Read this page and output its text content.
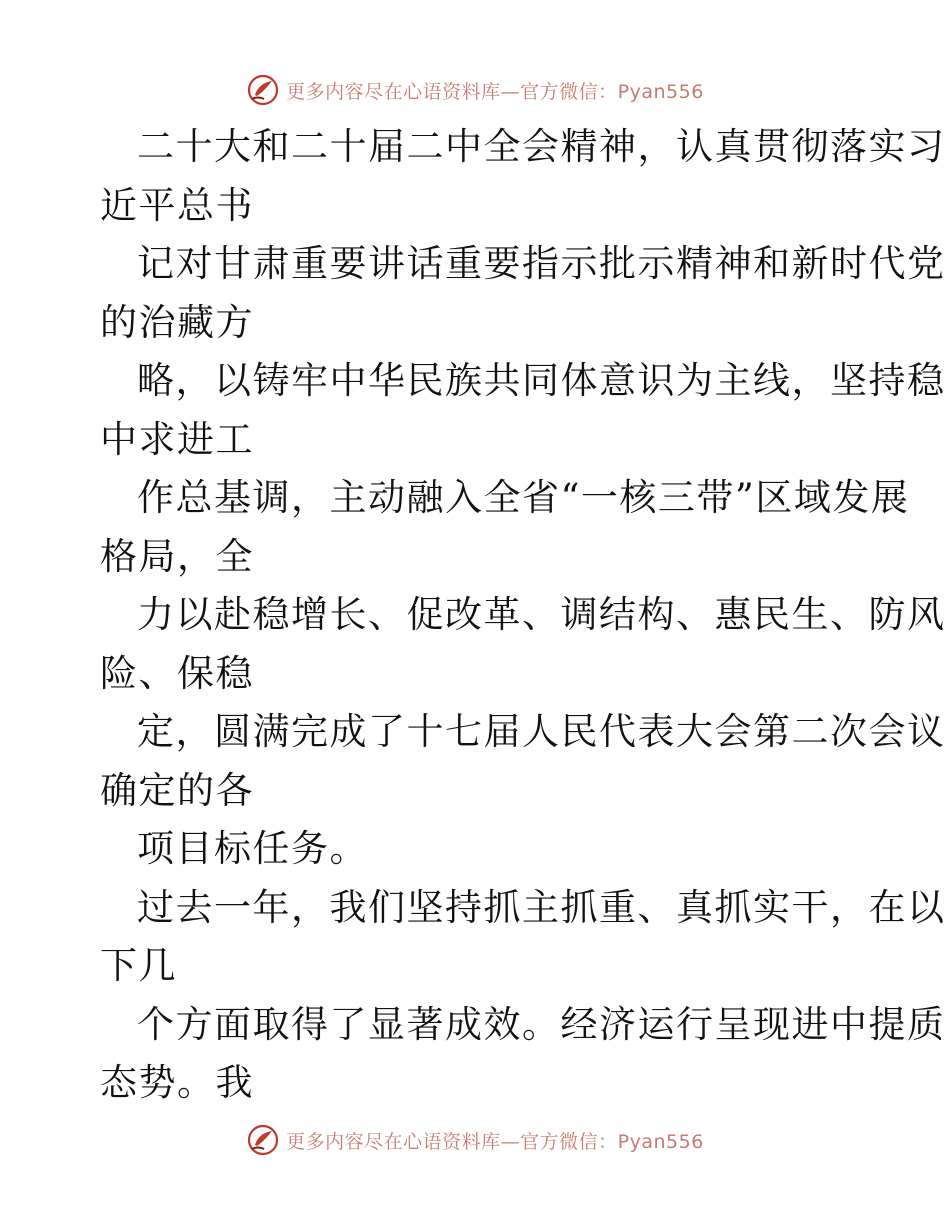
更多内容尽在心语资料库—官方微信：Pyan556
二十大和二十届二中全会精神，认真贯彻落实习
近平总书
记对甘肃重要讲话重要指示批示精神和新时代党
的治藏方
略，以铸牢中华民族共同体意识为主线，坚持稳
中求进工
作总基调，主动融入全省“一核三带”区域发展
格局，全
力以赴稳增长、促改革、调结构、惠民生、防风
险、保稳
定，圆满完成了十七届人民代表大会第二次会议
确定的各
项目标任务。
过去一年，我们坚持抓主抓重、真抓实干，在以
下几
个方面取得了显著成效。经济运行呈现进中提质
态势。我
更多内容尽在心语资料库—官方微信：Pyan556
